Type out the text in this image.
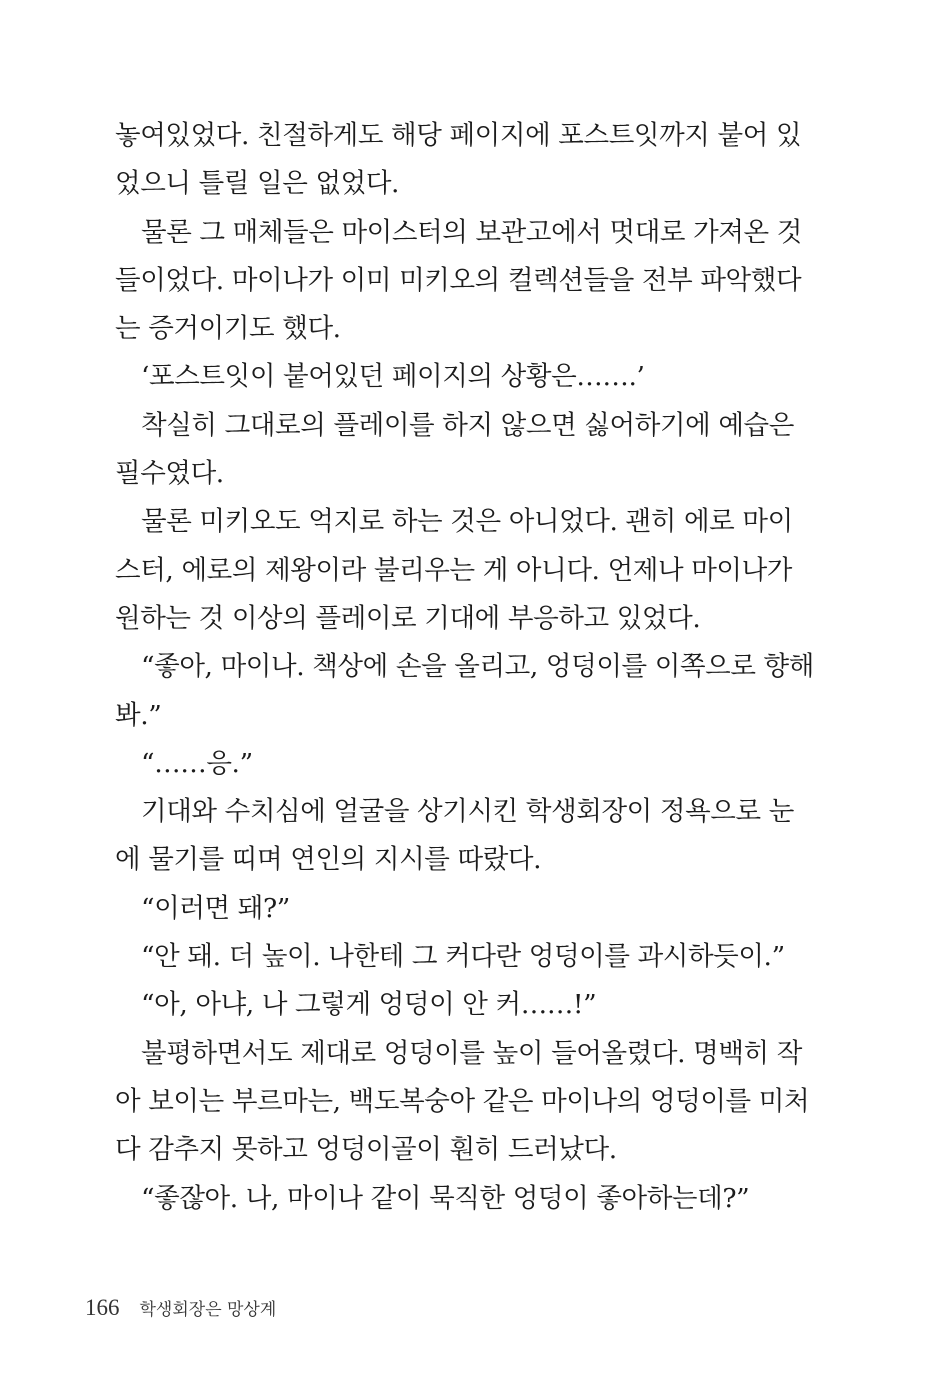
놓여있었다. 친절하게도 해당 페이지에 포스트잇까지 붙어 있
었으니 틀릴 일은 없었다.
물론 그 매체들은 마이스터의 보관고에서 멋대로 가져온 것
들이었다. 마이나가 이미 미키오의 컬렉션들을 전부 파악했다
는 증거이기도 했다.
‘포스트잇이 붙어있던 페이지의 상황은…….’
착실히 그대로의 플레이를 하지 않으면 싫어하기에 예습은
필수였다.
물론 미키오도 억지로 하는 것은 아니었다. 괜히 에로 마이
스터, 에로의 제왕이라 불리우는 게 아니다. 언제나 마이나가
원하는 것 이상의 플레이로 기대에 부응하고 있었다.
“좋아, 마이나. 책상에 손을 올리고, 엉덩이를 이쪽으로 향해
봐.”
“……응.”
기대와 수치심에 얼굴을 상기시킨 학생회장이 정욕으로 눈
에 물기를 띠며 연인의 지시를 따랐다.
“이러면 돼?”
“안 돼. 더 높이. 나한테 그 커다란 엉덩이를 과시하듯이.”
“아, 아냐, 나 그렇게 엉덩이 안 커……!”
불평하면서도 제대로 엉덩이를 높이 들어올렸다. 명백히 작
아 보이는 부르마는, 백도복숭아 같은 마이나의 엉덩이를 미처
다 감추지 못하고 엉덩이골이 훤히 드러났다.
“좋잖아. 나, 마이나 같이 묵직한 엉덩이 좋아하는데?”
166 학생회장은 망상계
